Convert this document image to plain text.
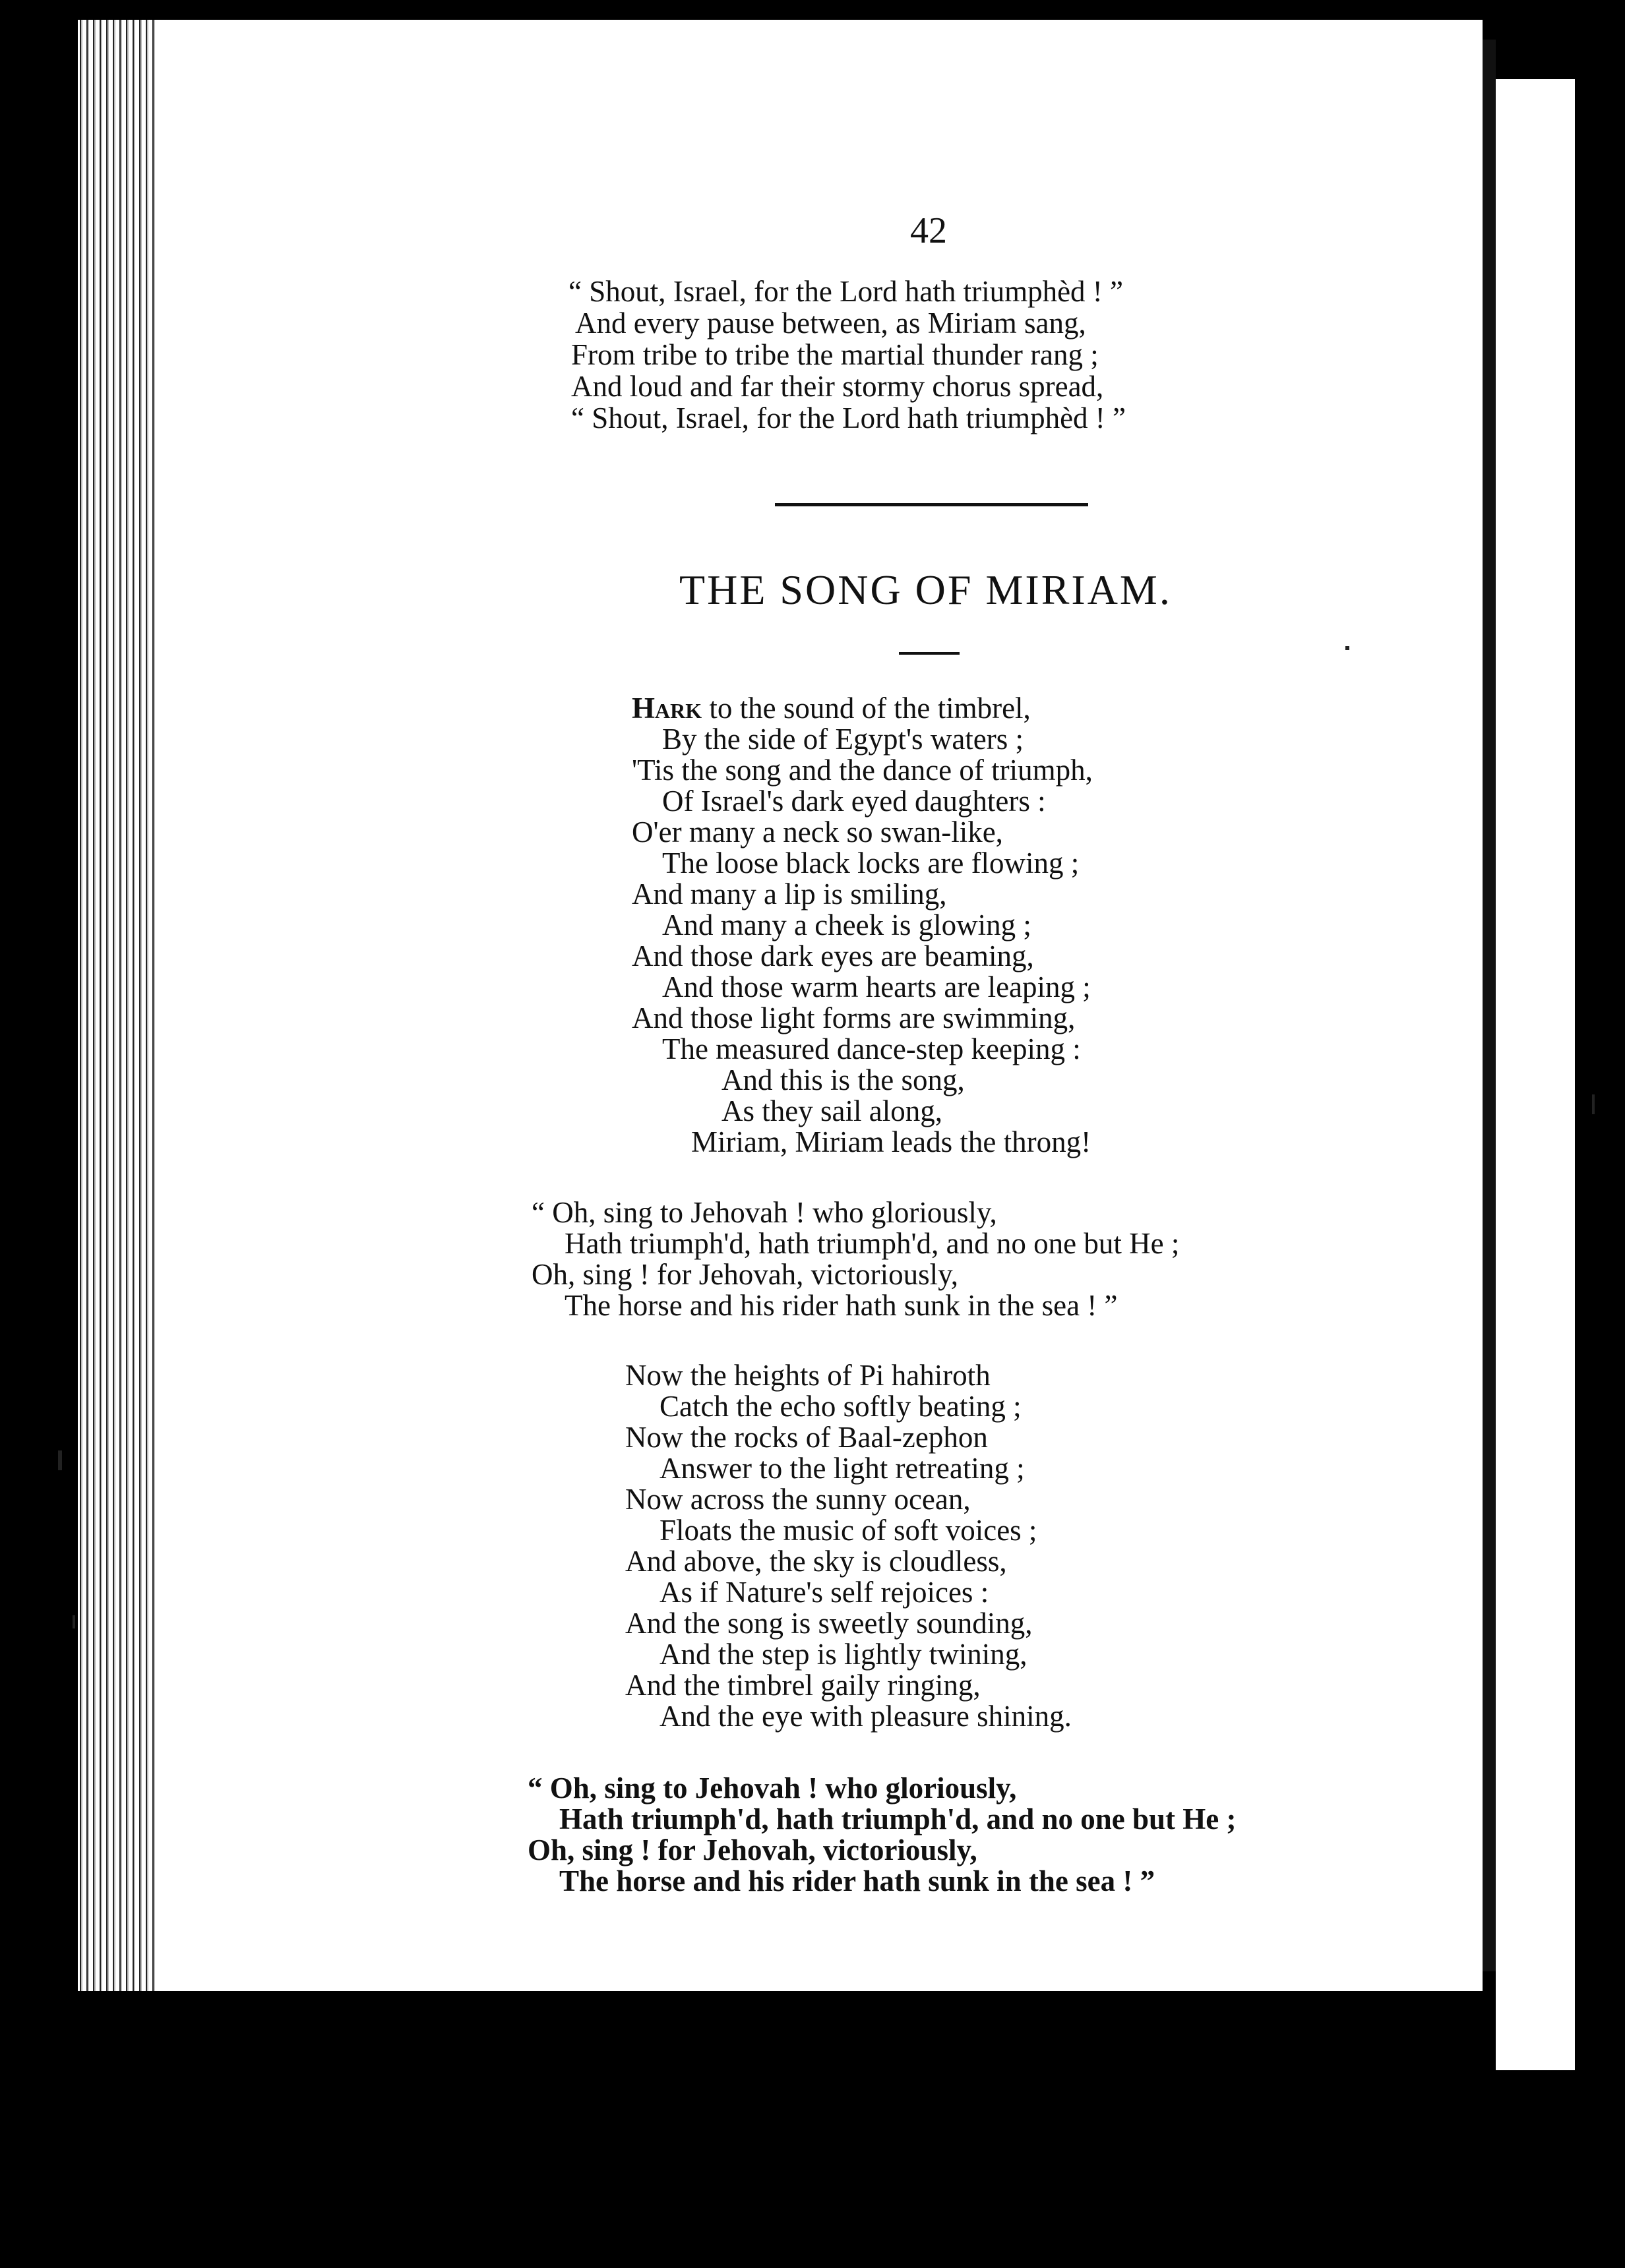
42
“ Shout, Israel, for the Lord hath triumphèd ! ”
And every pause between, as Miriam sang,
From tribe to tribe the martial thunder rang ;
And loud and far their stormy chorus spread,
“ Shout, Israel, for the Lord hath triumphèd ! ”
THE SONG OF MIRIAM.
Hark to the sound of the timbrel,
By the side of Egypt's waters ;
'Tis the song and the dance of triumph,
Of Israel's dark eyed daughters :
O'er many a neck so swan-like,
The loose black locks are flowing ;
And many a lip is smiling,
And many a cheek is glowing ;
And those dark eyes are beaming,
And those warm hearts are leaping ;
And those light forms are swimming,
The measured dance-step keeping :
And this is the song,
As they sail along,
Miriam, Miriam leads the throng!
“ Oh, sing to Jehovah ! who gloriously,
Hath triumph'd, hath triumph'd, and no one but He ;
Oh, sing ! for Jehovah, victoriously,
The horse and his rider hath sunk in the sea ! ”
Now the heights of Pi hahiroth
Catch the echo softly beating ;
Now the rocks of Baal-zephon
Answer to the light retreating ;
Now across the sunny ocean,
Floats the music of soft voices ;
And above, the sky is cloudless,
As if Nature's self rejoices :
And the song is sweetly sounding,
And the step is lightly twining,
And the timbrel gaily ringing,
And the eye with pleasure shining.
“ Oh, sing to Jehovah ! who gloriously,
Hath triumph'd, hath triumph'd, and no one but He ;
Oh, sing ! for Jehovah, victoriously,
The horse and his rider hath sunk in the sea ! ”
